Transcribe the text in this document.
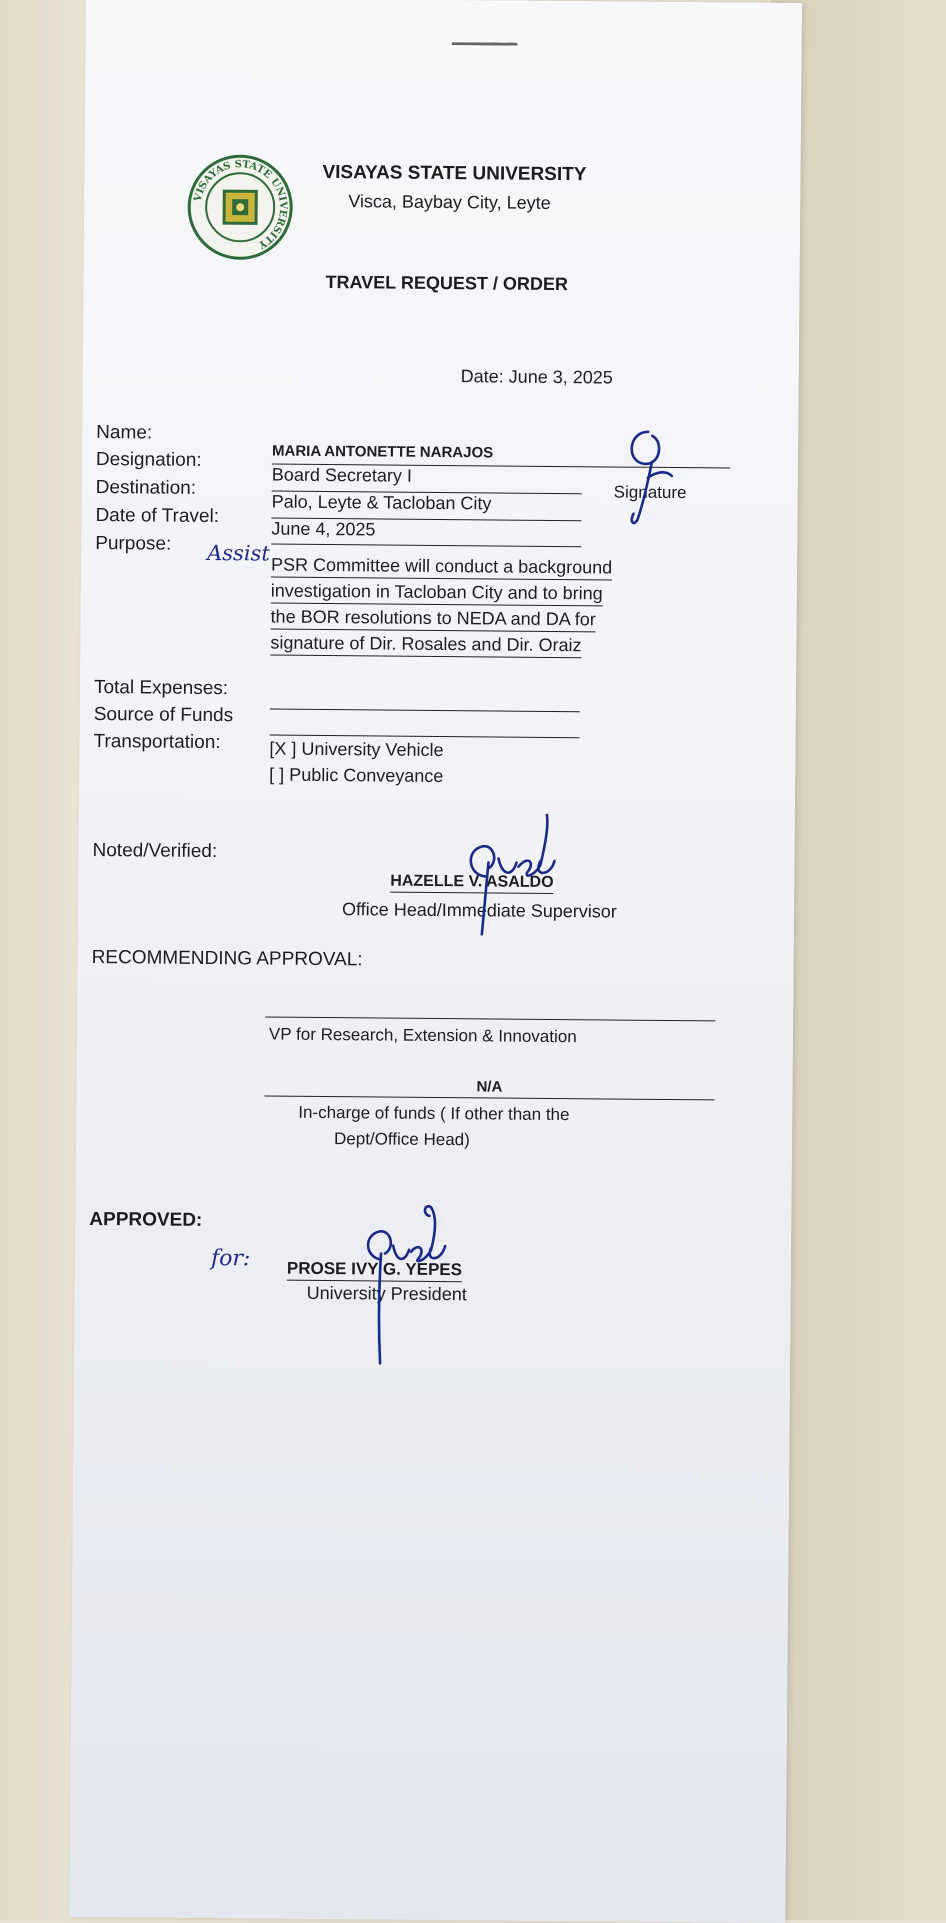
VISAYAS STATE UNIVERSITY
VISAYAS STATE UNIVERSITY
Visca, Baybay City, Leyte
TRAVEL REQUEST / ORDER
Date: June 3, 2025
Name:
Designation:
Destination:
Date of Travel:
Purpose:
MARIA ANTONETTE NARAJOS
Board Secretary I
Palo, Leyte & Tacloban City
June 4, 2025
Assist
PSR Committee will conduct a background
investigation in Tacloban City and to bring
the BOR resolutions to NEDA and DA for
signature of Dir. Rosales and Dir. Oraiz
Signature
Total Expenses:
Source of Funds
Transportation:	[X ] University Vehicle
[ ] Public Conveyance
Noted/Verified:
HAZELLE V. ASALDO
Office Head/Immediate Supervisor
RECOMMENDING APPROVAL:
VP for Research, Extension & Innovation
N/A
In-charge of funds ( If other than the
Dept/Office Head)
APPROVED:
for: PROSE IVY G. YEPES
University President
